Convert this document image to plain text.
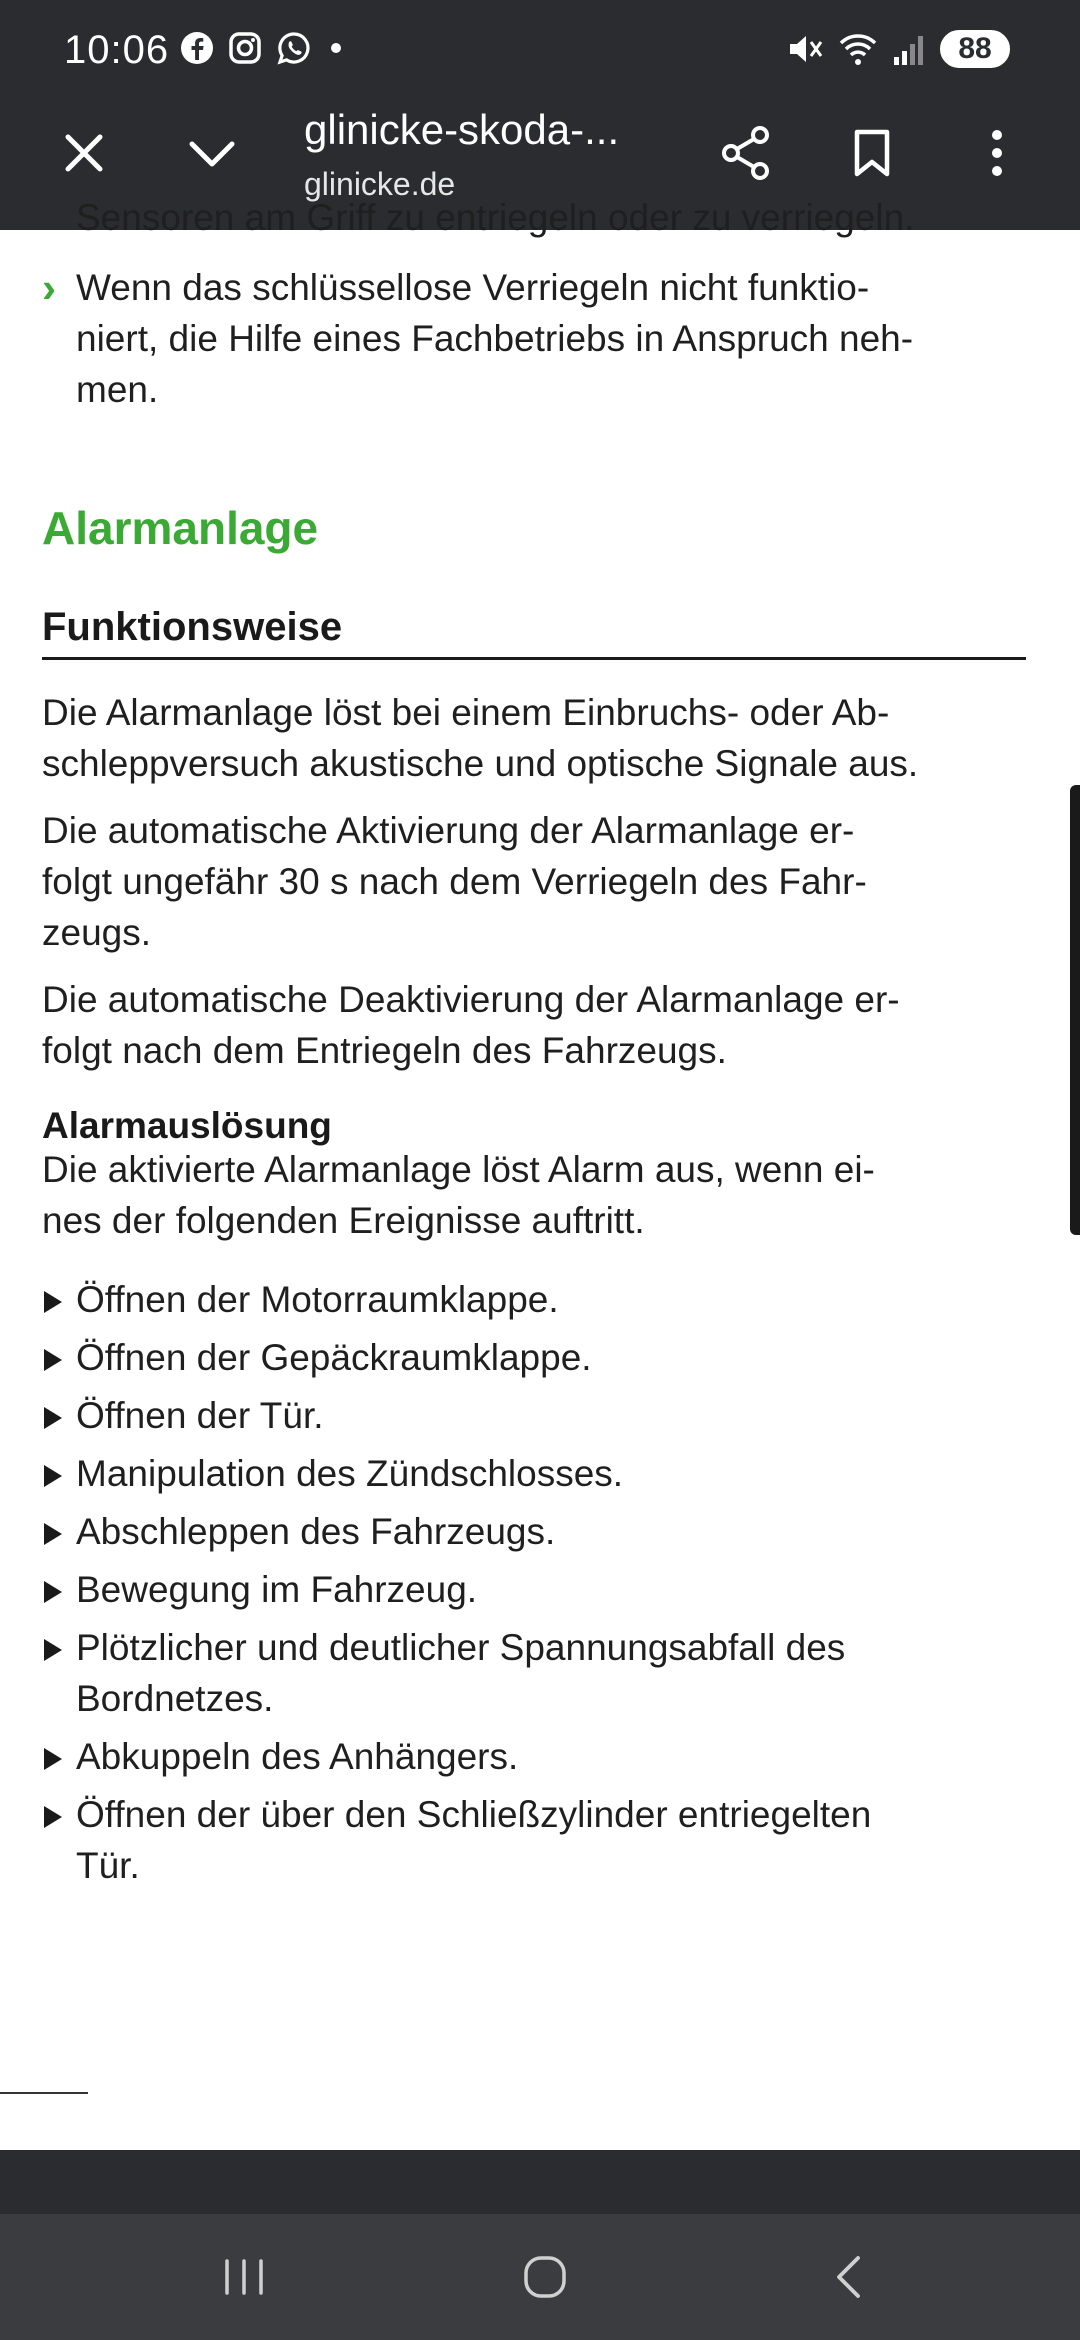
10:06	88
glinicke-skoda-...
glinicke.de
Sensoren am Griff zu entriegeln oder zu verriegeln.
› Wenn das schlüssellose Verriegeln nicht funktio-
niert, die Hilfe eines Fachbetriebs in Anspruch neh-
men.
Alarmanlage
Funktionsweise
Die Alarmanlage löst bei einem Einbruchs- oder Ab-
schleppversuch akustische und optische Signale aus.
Die automatische Aktivierung der Alarmanlage er-
folgt ungefähr 30 s nach dem Verriegeln des Fahr-
zeugs.
Die automatische Deaktivierung der Alarmanlage er-
folgt nach dem Entriegeln des Fahrzeugs.
Alarmauslösung
Die aktivierte Alarmanlage löst Alarm aus, wenn ei-
nes der folgenden Ereignisse auftritt.
Öffnen der Motorraumklappe.
Öffnen der Gepäckraumklappe.
Öffnen der Tür.
Manipulation des Zündschlosses.
Abschleppen des Fahrzeugs.
Bewegung im Fahrzeug.
Plötzlicher und deutlicher Spannungsabfall des
Bordnetzes.
Abkuppeln des Anhängers.
Öffnen der über den Schließzylinder entriegelten
Tür.
